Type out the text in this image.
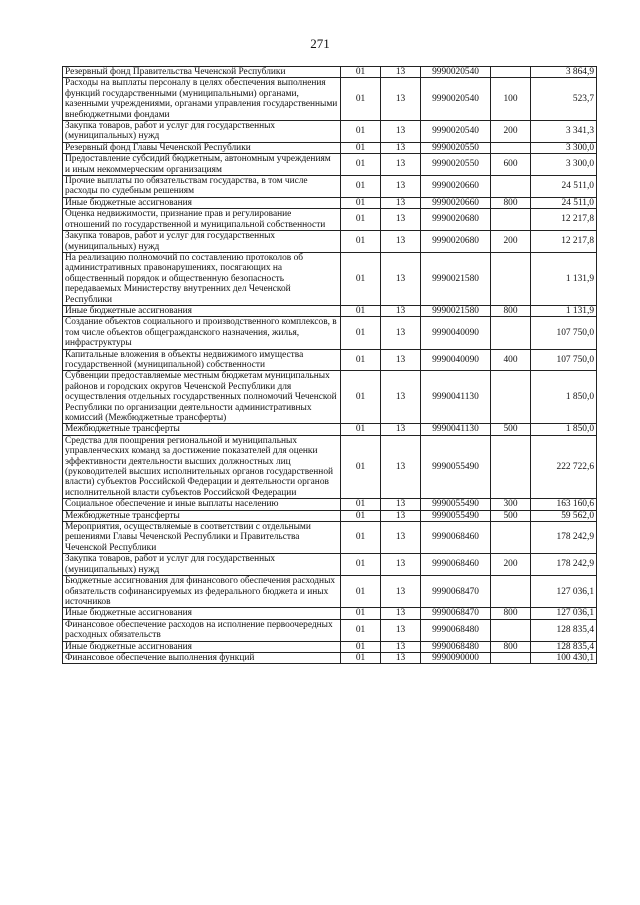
271
Резервный фонд Правительства Чеченской Республики	01	13	9990020540		3 864,9
Расходы на выплаты персоналу в целях обеспечения выполнения функций государственными (муниципальными) органами, казенными учреждениями, органами управления государственными внебюджетными фондами	01	13	9990020540	100	523,7
Закупка товаров, работ и услуг для государственных (муниципальных) нужд	01	13	9990020540	200	3 341,3
Резервный фонд Главы Чеченской Республики	01	13	9990020550		3 300,0
Предоставление субсидий бюджетным, автономным учреждениям и иным некоммерческим организациям	01	13	9990020550	600	3 300,0
Прочие выплаты по обязательствам государства, в том числе расходы по судебным решениям	01	13	9990020660		24 511,0
Иные бюджетные ассигнования	01	13	9990020660	800	24 511,0
Оценка недвижимости, признание прав и регулирование отношений по государственной и муниципальной собственности	01	13	9990020680		12 217,8
Закупка товаров, работ и услуг для государственных (муниципальных) нужд	01	13	9990020680	200	12 217,8
На реализацию полномочий по составлению протоколов об административных правонарушениях, посягающих на общественный порядок и общественную безопасность передаваемых Министерству внутренних дел Чеченской Республики	01	13	9990021580		1 131,9
Иные бюджетные ассигнования	01	13	9990021580	800	1 131,9
Создание объектов социального и производственного комплексов, в том числе объектов общегражданского назначения, жилья, инфраструктуры	01	13	9990040090		107 750,0
Капитальные вложения в объекты недвижимого имущества государственной (муниципальной) собственности	01	13	9990040090	400	107 750,0
Субвенции предоставляемые местным бюджетам муниципальных районов и городских округов Чеченской Республики для осуществления отдельных государственных полномочий Чеченской Республики по организации деятельности административных комиссий (Межбюджетные трансферты)	01	13	9990041130		1 850,0
Межбюджетные трансферты	01	13	9990041130	500	1 850,0
Средства для поощрения региональной и муниципальных управленческих команд за достижение показателей для оценки эффективности деятельности высших должностных лиц (руководителей высших исполнительных органов государственной власти) субъектов Российской Федерации и деятельности органов исполнительной власти субъектов Российской Федерации	01	13	9990055490		222 722,6
Социальное обеспечение и иные выплаты населению	01	13	9990055490	300	163 160,6
Межбюджетные трансферты	01	13	9990055490	500	59 562,0
Мероприятия, осуществляемые в соответствии с отдельными решениями Главы Чеченской Республики и Правительства Чеченской Республики	01	13	9990068460		178 242,9
Закупка товаров, работ и услуг для государственных (муниципальных) нужд	01	13	9990068460	200	178 242,9
Бюджетные ассигнования для финансового обеспечения расходных обязательств софинансируемых из федерального бюджета и иных источников	01	13	9990068470		127 036,1
Иные бюджетные ассигнования	01	13	9990068470	800	127 036,1
Финансовое обеспечение расходов на исполнение первоочередных расходных обязательств	01	13	9990068480		128 835,4
Иные бюджетные ассигнования	01	13	9990068480	800	128 835,4
Финансовое обеспечение выполнения функций	01	13	9990090000		100 430,1
